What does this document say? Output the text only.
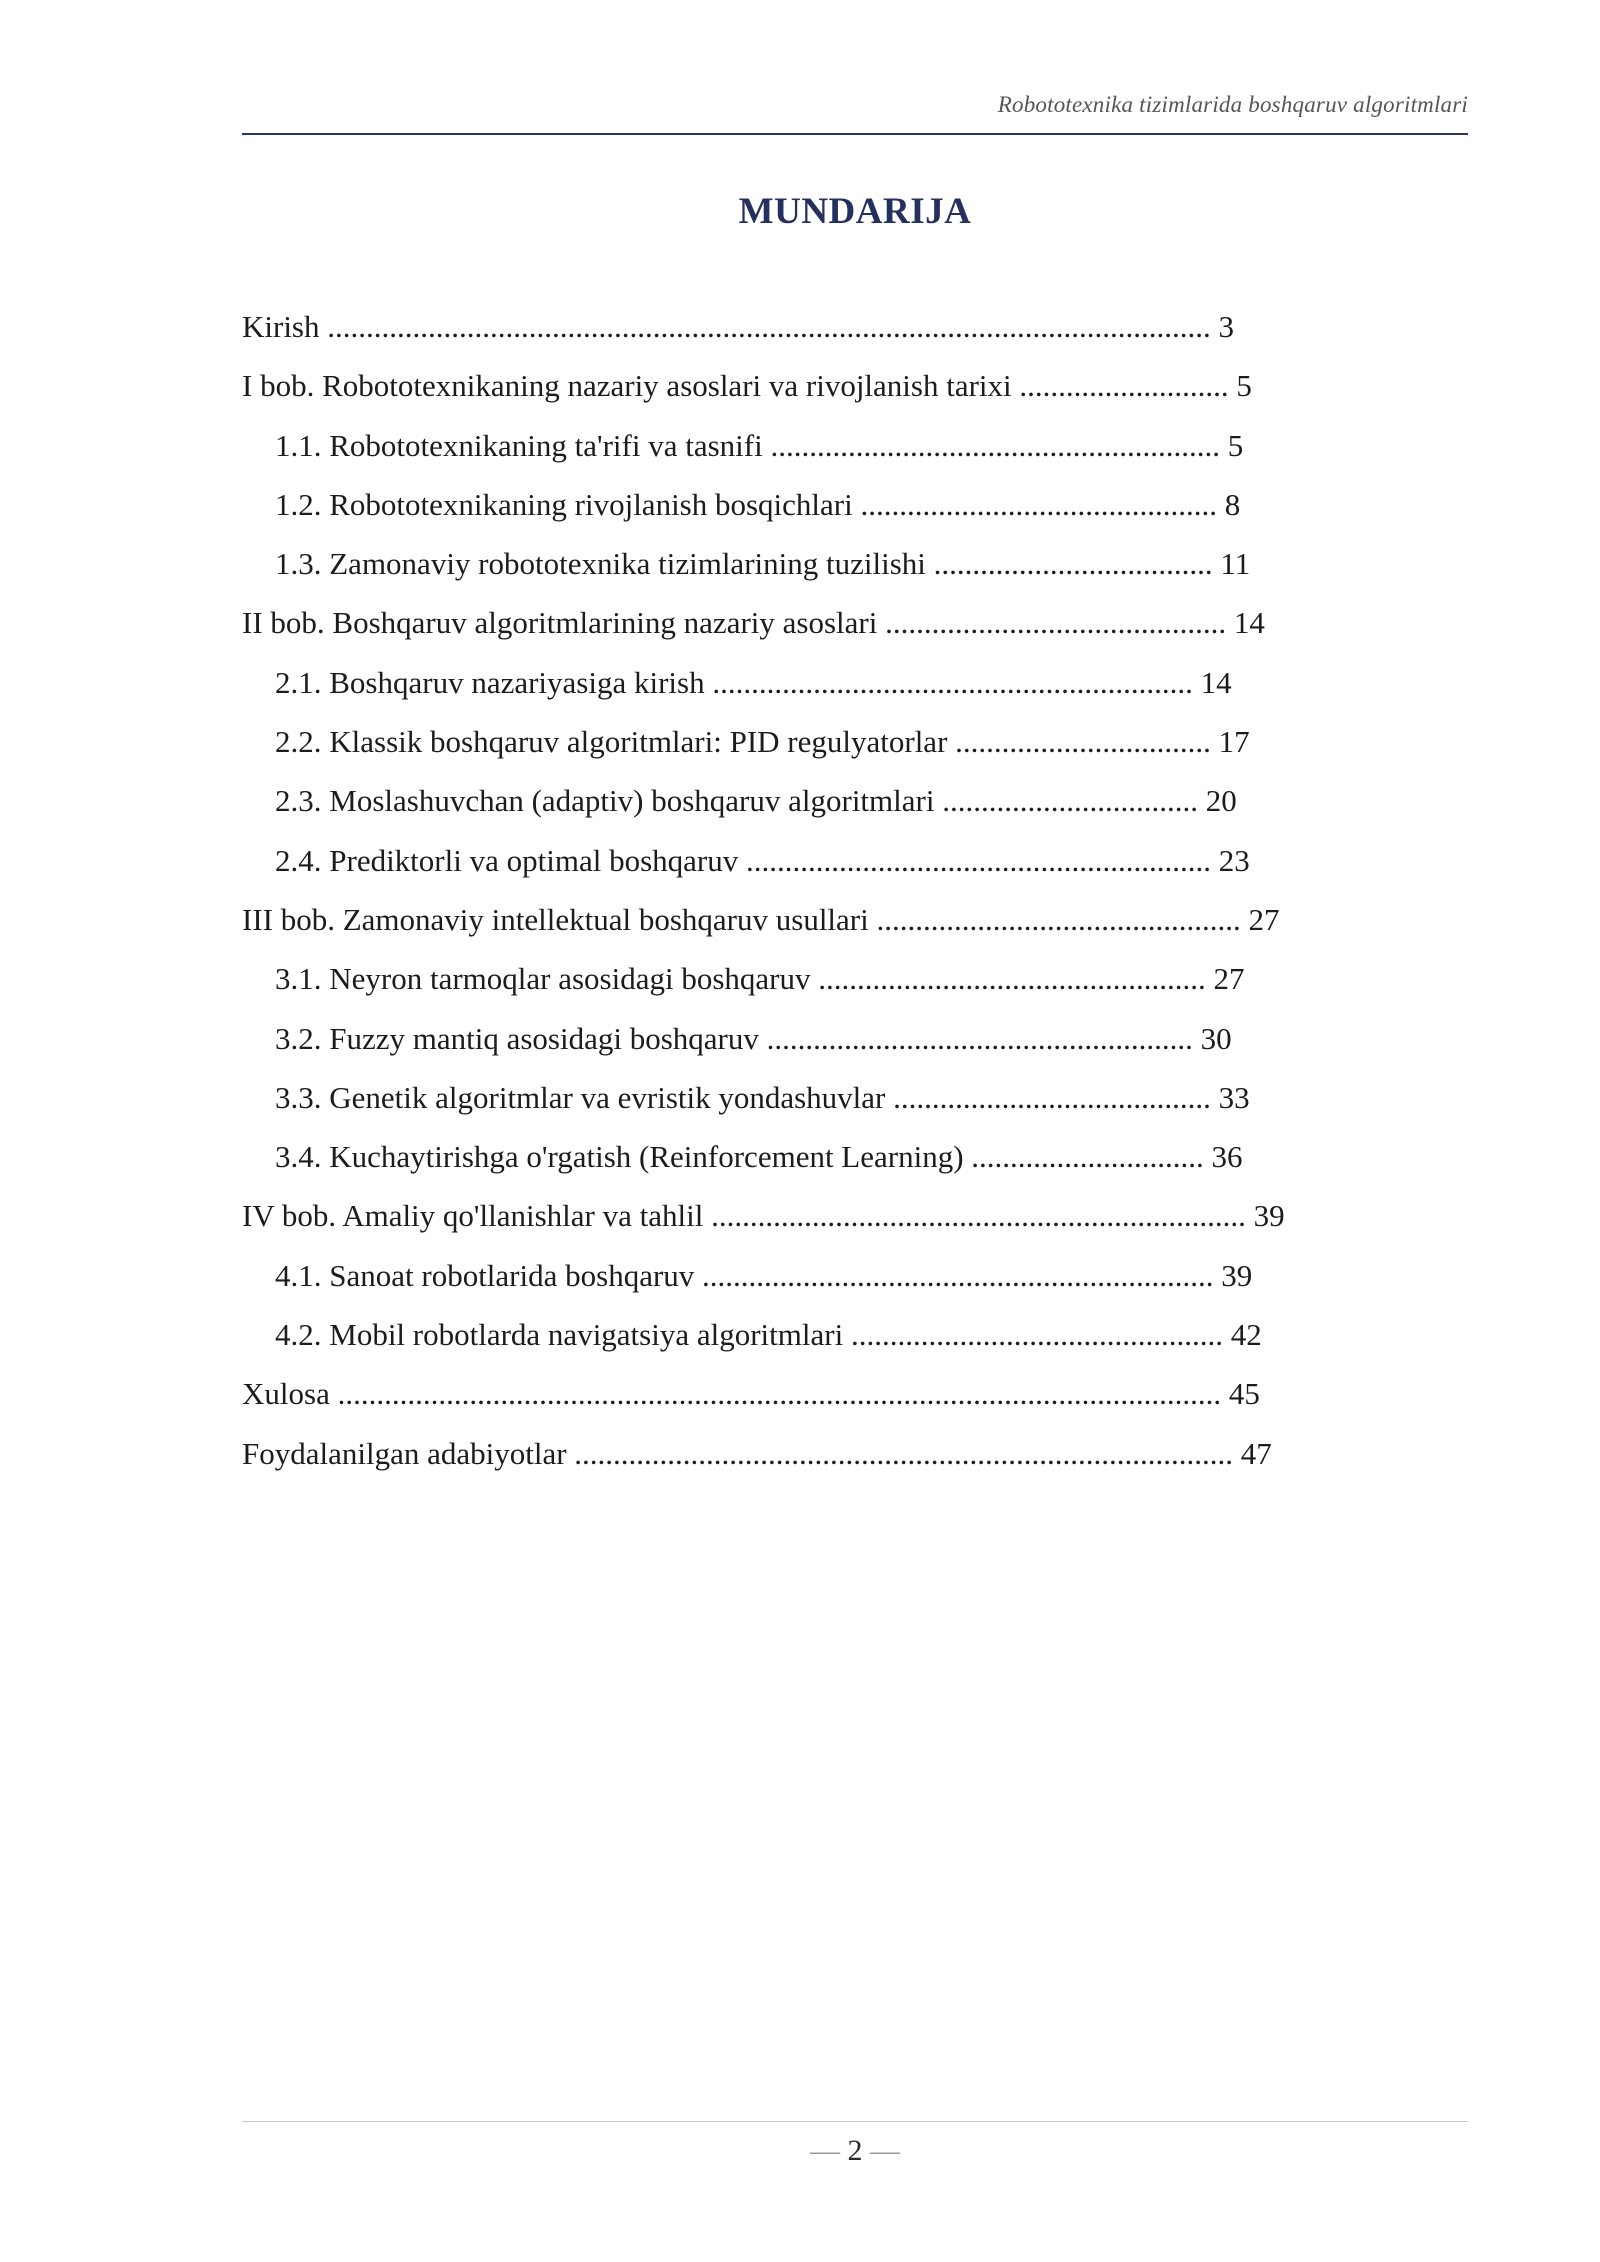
Robototexnika tizimlarida boshqaruv algoritmlari
MUNDARIJA
Kirish .................................................................................................................. 3
I bob. Robototexnikaning nazariy asoslari va rivojlanish tarixi ........................... 5
1.1. Robototexnikaning ta'rifi va tasnifi .......................................................... 5
1.2. Robototexnikaning rivojlanish bosqichlari .............................................. 8
1.3. Zamonaviy robototexnika tizimlarining tuzilishi .................................... 11
II bob. Boshqaruv algoritmlarining nazariy asoslari ............................................ 14
2.1. Boshqaruv nazariyasiga kirish .............................................................. 14
2.2. Klassik boshqaruv algoritmlari: PID regulyatorlar ................................. 17
2.3. Moslashuvchan (adaptiv) boshqaruv algoritmlari ................................. 20
2.4. Prediktorli va optimal boshqaruv ............................................................ 23
III bob. Zamonaviy intellektual boshqaruv usullari ............................................... 27
3.1. Neyron tarmoqlar asosidagi boshqaruv .................................................. 27
3.2. Fuzzy mantiq asosidagi boshqaruv ....................................................... 30
3.3. Genetik algoritmlar va evristik yondashuvlar ......................................... 33
3.4. Kuchaytirishga o'rgatish (Reinforcement Learning) .............................. 36
IV bob. Amaliy qo'llanishlar va tahlil ..................................................................... 39
4.1. Sanoat robotlarida boshqaruv .................................................................. 39
4.2. Mobil robotlarda navigatsiya algoritmlari ................................................ 42
Xulosa .................................................................................................................. 45
Foydalanilgan adabiyotlar ..................................................................................... 47
— 2 —
